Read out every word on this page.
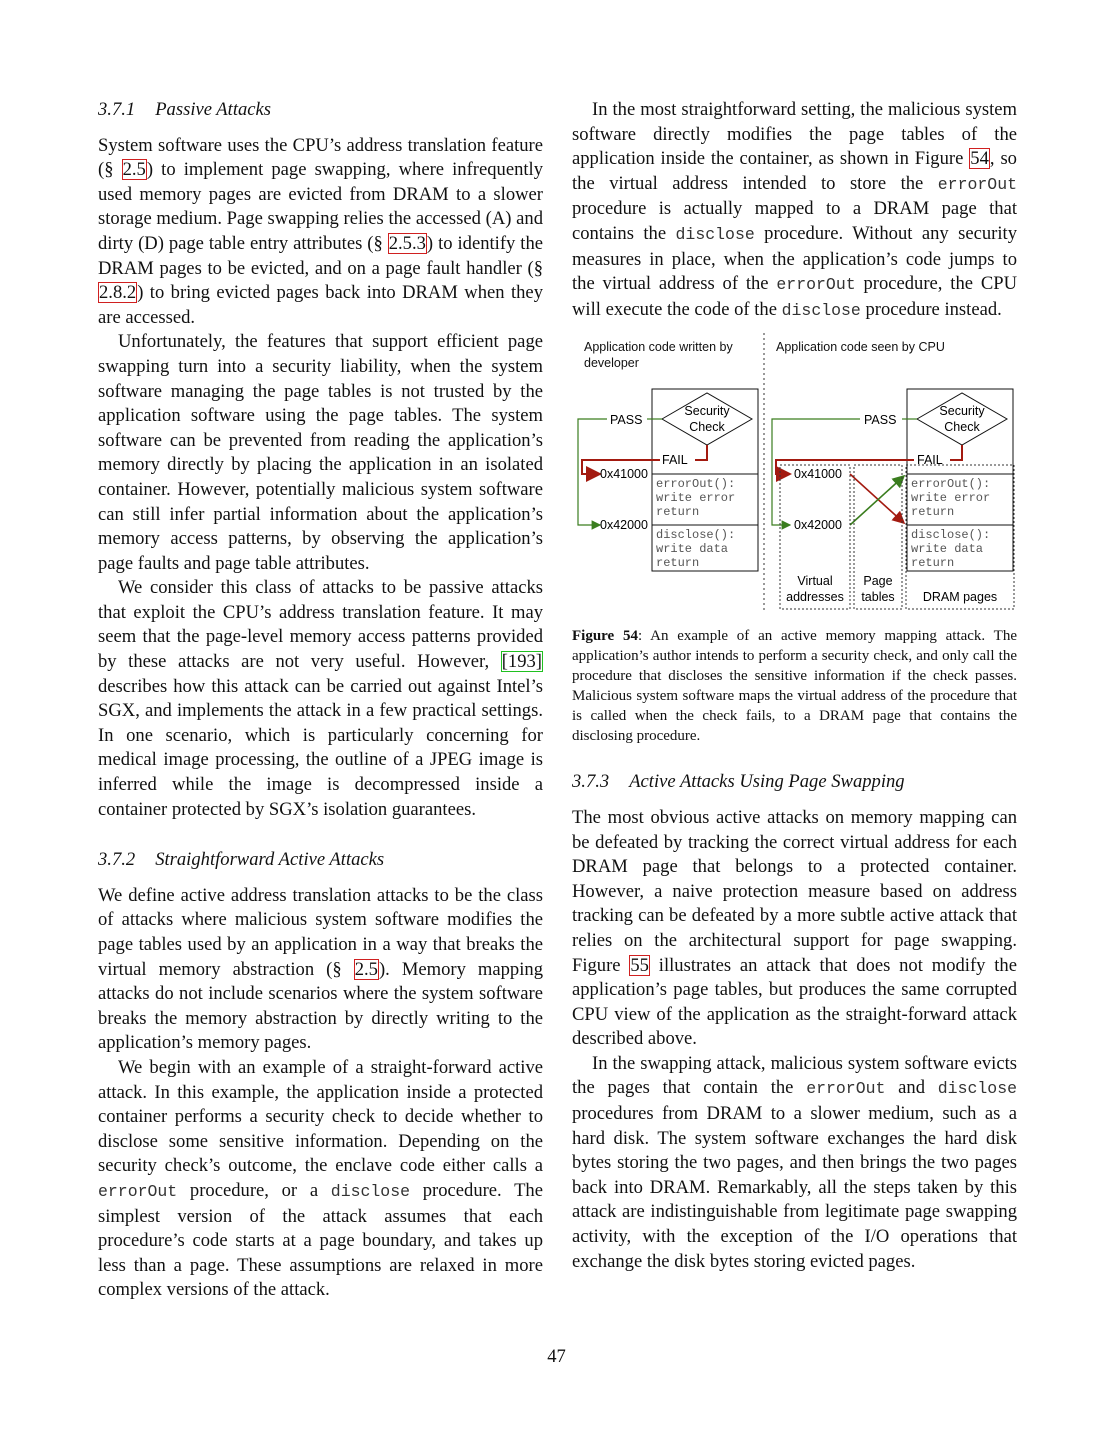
3.7.1 Passive Attacks

System software uses the CPU’s address translation feature (§ 2.5) to implement page swapping, where infrequently used memory pages are evicted from DRAM to a slower storage medium. Page swapping relies the accessed (A) and dirty (D) page table entry attributes (§ 2.5.3) to identify the DRAM pages to be evicted, and on a page fault handler (§ 2.8.2) to bring evicted pages back into DRAM when they are accessed.

Unfortunately, the features that support efficient page swapping turn into a security liability, when the system software managing the page tables is not trusted by the application software using the page tables. The system software can be prevented from reading the application’s memory directly by placing the application in an isolated container. However, potentially malicious system software can still infer partial information about the application’s memory access patterns, by observing the application’s page faults and page table attributes.

We consider this class of attacks to be passive attacks that exploit the CPU’s address translation feature. It may seem that the page-level memory access patterns provided by these attacks are not very useful. However, [193] describes how this attack can be carried out against Intel’s SGX, and implements the attack in a few practical settings. In one scenario, which is particularly concerning for medical image processing, the outline of a JPEG image is inferred while the image is decompressed inside a container protected by SGX’s isolation guarantees.

3.7.2 Straightforward Active Attacks

We define active address translation attacks to be the class of attacks where malicious system software modifies the page tables used by an application in a way that breaks the virtual memory abstraction (§ 2.5). Memory mapping attacks do not include scenarios where the system software breaks the memory abstraction by directly writing to the application’s memory pages.

We begin with an example of a straight-forward active attack. In this example, the application inside a protected container performs a security check to decide whether to disclose some sensitive information. Depending on the security check’s outcome, the enclave code either calls a errorOut procedure, or a disclose procedure. The simplest version of the attack assumes that each procedure’s code starts at a page boundary, and takes up less than a page. These assumptions are relaxed in more complex versions of the attack.

In the most straightforward setting, the malicious system software directly modifies the page tables of the application inside the container, as shown in Figure 54, so the virtual address intended to store the errorOut procedure is actually mapped to a DRAM page that contains the disclose procedure. Without any security measures in place, when the application’s code jumps to the virtual address of the errorOut procedure, the CPU will execute the code of the disclose procedure instead.

Application code written by
developer
Application code seen by CPU
Security
Check
PASS
FAIL
0x41000
0x42000
errorOut():
write error
return
disclose():
write data
return
Security
Check
PASS
FAIL
0x41000
0x42000
errorOut():
write error
return
disclose():
write data
return
Virtual
addresses
Page
tables DRAM pages
Figure 54: An example of an active memory mapping attack. The application’s author intends to perform a security check, and only call the procedure that discloses the sensitive information if the check passes. Malicious system software maps the virtual address of the procedure that is called when the check fails, to a DRAM page that contains the disclosing procedure.
3.7.3 Active Attacks Using Page Swapping

The most obvious active attacks on memory mapping can be defeated by tracking the correct virtual address for each DRAM page that belongs to a protected container. However, a naive protection measure based on address tracking can be defeated by a more subtle active attack that relies on the architectural support for page swapping. Figure 55 illustrates an attack that does not modify the application’s page tables, but produces the same corrupted CPU view of the application as the straight-forward attack described above.

In the swapping attack, malicious system software evicts the pages that contain the errorOut and disclose procedures from DRAM to a slower medium, such as a hard disk. The system software exchanges the hard disk bytes storing the two pages, and then brings the two pages back into DRAM. Remarkably, all the steps taken by this attack are indistinguishable from legitimate page swapping activity, with the exception of the I/O operations that exchange the disk bytes storing evicted pages.

47
